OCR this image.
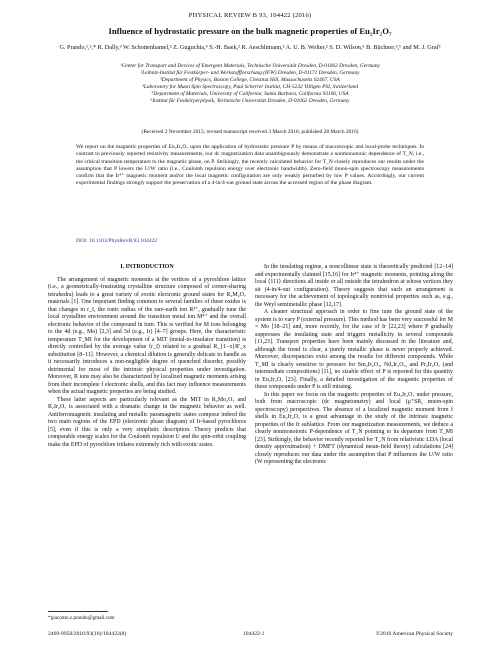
PHYSICAL REVIEW B 93, 104422 (2016)
Influence of hydrostatic pressure on the bulk magnetic properties of Eu₂Ir₂O₇
G. Prando,¹,²,* R. Dally,³ W. Schottenhamel,² Z. Guguchia,⁴ S.-H. Baek,² R. Aeschlimann,² A. U. B. Wolter,² S. D. Wilson,⁵ B. Büchner,²,⁶ and M. J. Graf³
¹Center for Transport and Devices of Emergent Materials, Technische Universität Dresden, D-01062 Dresden, Germany
²Leibniz-Institut für Festkörper- und Werkstoffforschung (IFW) Dresden, D-01171 Dresden, Germany
³Department of Physics, Boston College, Chestnut Hill, Massachusetts 02467, USA
⁴Laboratory for Muon Spin Spectroscopy, Paul Scherrer Institut, CH-5232 Villigen PSI, Switzerland
⁵Department of Materials, University of California, Santa Barbara, California 93106, USA
⁶Institut für Festkörperphysik, Technische Universität Dresden, D-01062 Dresden, Germany
(Received 2 November 2015; revised manuscript received 3 March 2016; published 28 March 2016)
We report on the magnetic properties of Eu₂Ir₂O₇ upon the application of hydrostatic pressure P by means of macroscopic and local-probe techniques. In contrast to previously reported resistivity measurements, our dc magnetization data unambiguously demonstrate a nonmonotonic dependence of T_N, i.e., the critical transition temperature to the magnetic phase, on P. Strikingly, the recently calculated behavior for T_N closely reproduces our results under the assumption that P lowers the U/W ratio (i.e., Coulomb repulsion energy over electronic bandwidth). Zero-field muon-spin spectroscopy measurements confirm that the Ir⁴⁺ magnetic moment and/or the local magnetic configuration are only weakly perturbed by low P values. Accordingly, our current experimental findings strongly support the preservation of a 4-in/4-out ground state across the accessed region of the phase diagram.
DOI: 10.1103/PhysRevB.93.104422
I. INTRODUCTION

The arrangement of magnetic moments at the vertices of a pyrochlore lattice (i.e., a geometrically-frustrating crystalline structure composed of corner-sharing tetrahedra) leads to a great variety of exotic electronic ground states for R₂M₂O₇ materials [1]. One important finding common to several families of these oxides is that changes in r_I, the ionic radius of the rare-earth ion R³⁺, gradually tune the local crystalline environment around the transition metal ion M⁴⁺ and the overall electronic behavior of the compound in turn. This is verified for M ions belonging to the 4d (e.g., Mo) [2,3] and 5d (e.g., Ir) [4–7] groups. Here, the characteristic temperature T_MI for the development of a MIT (metal-to-insulator transition) is directly controlled by the average value ⟨r_I⟩ related to a gradual R_{1−x}R'_x substitution [8–11]. However, a chemical dilution is generally delicate to handle as it necessarily introduces a non-negligible degree of quenched disorder, possibly detrimental for most of the intrinsic physical properties under investigation. Moreover, R ions may also be characterized by localized magnetic moments arising from their incomplete f electronic shells, and this fact may influence measurements when the actual magnetic properties are being studied.

These latter aspects are particularly relevant as the MIT in R₂Mo₂O₇ and R₂Ir₂O₇ is associated with a dramatic change in the magnetic behavior as well. Antiferromagnetic insulating and metallic paramagnetic states compose indeed the two main regions of the EPD (electronic phase diagram) of Ir-based pyrochlores [5], even if this is only a very simplistic description. Theory predicts that comparable energy scales for the Coulomb repulsion U and the spin-orbit coupling make the EPD of pyrochlore iridates extremely rich with exotic states.

In the insulating regime, a noncollinear state is theoretically predicted [12–14] and experimentally claimed [15,16] for Ir⁴⁺ magnetic moments, pointing along the local ⟨111⟩ directions all inside or all outside the tetrahedron at whose vertices they sit (4-in/4-out configuration). Theory suggests that such an arrangement is necessary for the achievement of topologically nontrivial properties such as, e.g., the Weyl semimetallic phase [12,17].

A cleaner structural approach in order to fine tune the ground state of the system is to vary P (external pressure). This method has been very successful for M = Mo [18–21] and, more recently, for the case of Ir [22,23] where P gradually suppresses the insulating state and triggers metallicity in several compounds [11,23]. Transport properties have been mainly discussed in the literature and, although the trend is clear, a purely metallic phase is never properly achieved. Moreover, discrepancies exist among the results for different compounds. While T_MI is clearly sensitive to pressure for Sm₂Ir₂O₇, Nd₂Ir₂O₇, and Pr₂Ir₂O₇ (and intermediate compositions) [11], no sizable effect of P is reported for this quantity in Eu₂Ir₂O₇ [23]. Finally, a detailed investigation of the magnetic properties of these compounds under P is still missing.

In this paper we focus on the magnetic properties of Eu₂Ir₂O₇ under pressure, both from macroscopic (dc magnetometry) and local (μ⁺SR, muon-spin spectroscopy) perspectives. The absence of a localized magnetic moment from f shells in Eu₂Ir₂O₇ is a great advantage in the study of the intrinsic magnetic properties of the Ir sublattice. From our magnetization measurements, we deduce a clearly nonmonotonic P-dependence of T_N pointing to its departure from T_MI [23]. Strikingly, the behavior recently reported for T_N from relativistic LDA (local density approximation) + DMFT (dynamical mean-field theory) calculations [24] closely reproduces our data under the assumption that P influences the U/W ratio (W representing the electronic

*giacomo.z.prando@gmail.com
2469-9950/2016/93(10)/104422(8)	104422-1	©2016 American Physical Society
